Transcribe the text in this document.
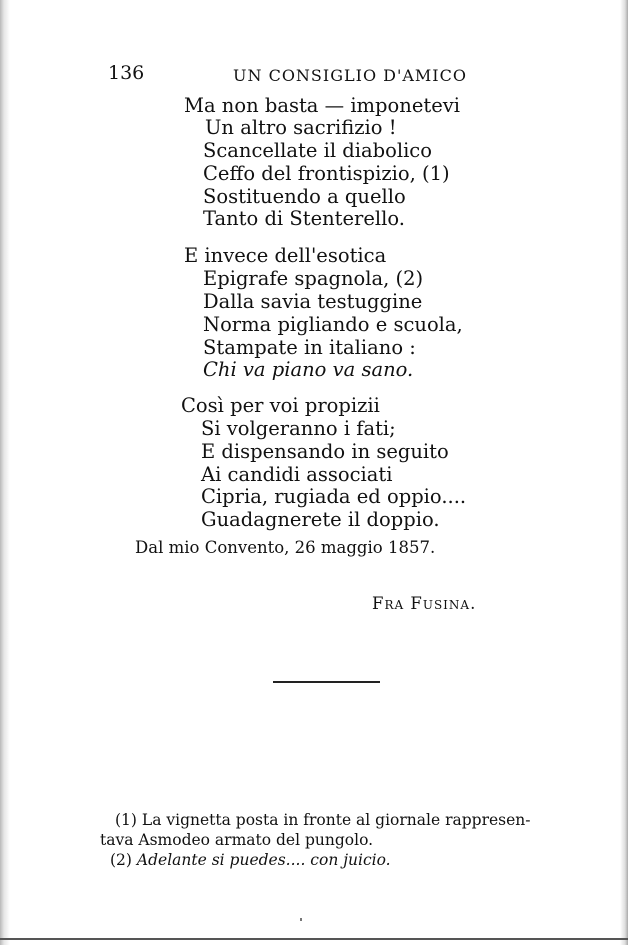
136	UN CONSIGLIO D'AMICO
Ma non basta — imponetevi
Un altro sacrifizio !
Scancellate il diabolico
Ceffo del frontispizio, (1)
Sostituendo a quello
Tanto di Stenterello.
E invece dell'esotica
Epigrafe spagnola, (2)
Dalla savia testuggine
Norma pigliando e scuola,
Stampate in italiano :
Chi va piano va sano.
Così per voi propizii
Si volgeranno i fati;
E dispensando in seguito
Ai candidi associati
Cipria, rugiada ed oppio....
Guadagnerete il doppio.
Dal mio Convento, 26 maggio 1857.
Fra Fusina.
(1) La vignetta posta in fronte al giornale rappresen-
tava Asmodeo armato del pungolo.
(2) Adelante si puedes.... con juicio.
